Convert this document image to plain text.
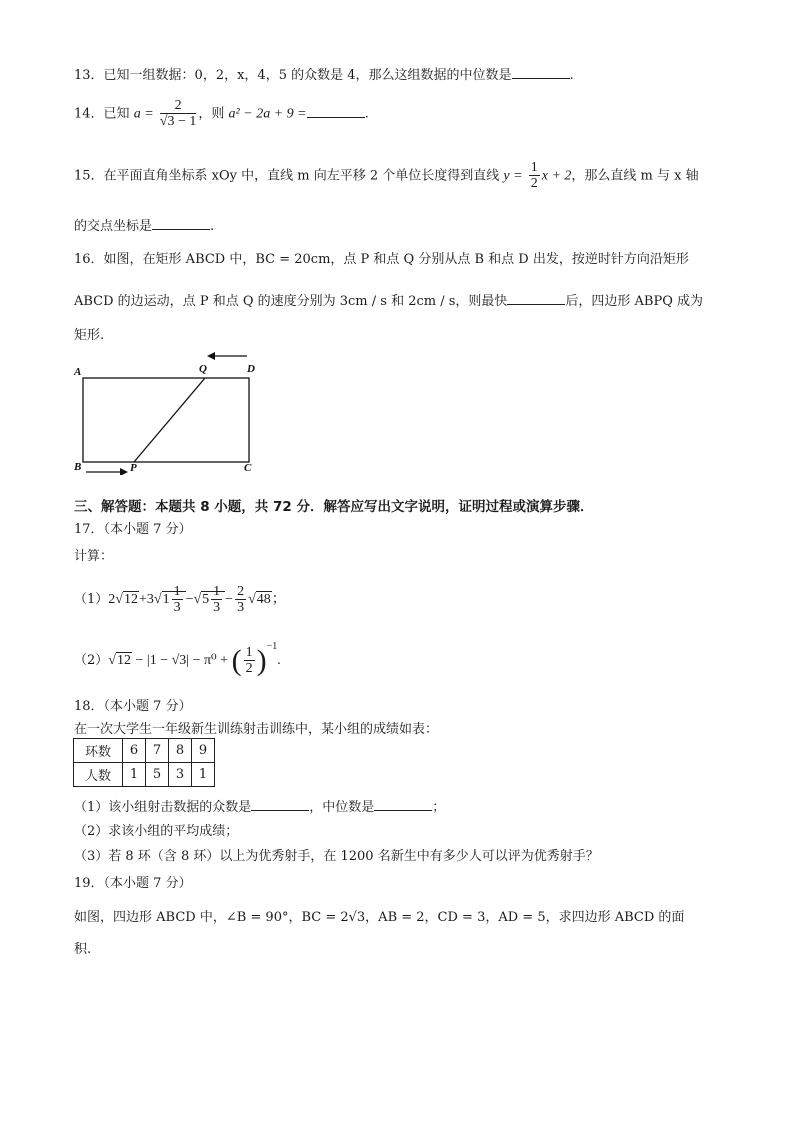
13．已知一组数据：0，2，x，4，5 的众数是 4，那么这组数据的中位数是	.
14．已知 $a = \frac{2}{√3 - 1}$ ，则 a² − 2a + 9 =	.
15．在平面直角坐标系 xOy 中，直线 m 向左平移 2 个单位长度得到直线 $y = \frac{1}{2}$ x + 2，那么直线 m 与 x 轴
的交点坐标是	.
16．如图，在矩形 ABCD 中，BC = 20cm，点 P 和点 Q 分别从点 B 和点 D 出发，按逆时针方向沿矩形
ABCD 的边运动，点 P 和点 Q 的速度分别为 3cm / s 和 2cm / s，则最快	后，四边形 ABPQ 成为
矩形.
A	Q	D
B	P	C
三、解答题：本题共 8 小题，共 72 分．解答应写出文字说明，证明过程或演算步骤．
17．（本小题 7 分）
计算：
$(1)2√12+3√1 \frac{1}{3} -√5 \frac{1}{3} - \frac{2}{3} √48$；
（2）√12 − |1 − √3| − π⁰ + ( $\frac{1}{2} )^{-1}$.
18．（本小题 7 分）
在一次大学生一年级新生训练射击训练中，某小组的成绩如表：
环数	6	7	8	9
人数	1	5	3	1
（1）该小组射击数据的众数是	，中位数是	；
（2）求该小组的平均成绩；
（3）若 8 环（含 8 环）以上为优秀射手，在 1200 名新生中有多少人可以评为优秀射手？
19．（本小题 7 分）
如图，四边形 ABCD 中，∠B = 90°，BC = 2√3，AB = 2，CD = 3，AD = 5，求四边形 ABCD 的面
积.
